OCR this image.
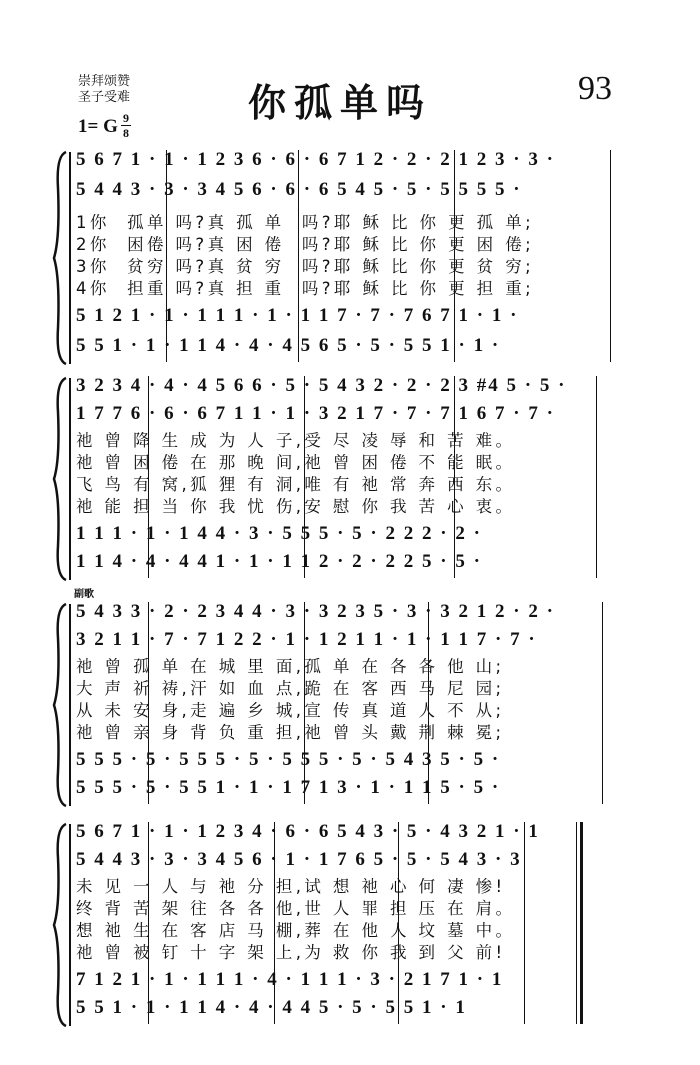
崇拜颂赞
圣子受难
1= G 9
8
你孤单吗	93
副歌
5 6 7 1 · 1 · 1 2 3 6 · 6 · 6 7 1 2 · 2 · 2 1 2 3 · 3 ·
5 4 4 3 · 3 · 3 4 5 6 · 6 · 6 5 4 5 · 5 · 5 5 5 5 ·
1你  孤单 吗?真 孤 单  吗?耶 稣 比 你 更 孤 单;
2你  困倦 吗?真 困 倦  吗?耶 稣 比 你 更 困 倦;
3你  贫穷 吗?真 贫 穷  吗?耶 稣 比 你 更 贫 穷;
4你  担重 吗?真 担 重  吗?耶 稣 比 你 更 担 重;
5 1 2 1 · 1 · 1 1 1 · 1 · 1 1 7 · 7 · 7 6 7 1 · 1 ·
5 5 1 · 1 · 1 1 4 · 4 · 4 5 6 5 · 5 · 5 5 1 · 1 ·
3 2 3 4 · 4 · 4 5 6 6 · 5 · 5 4 3 2 · 2 · 2 3 #4 5 · 5 ·
1 7 7 6 · 6 · 6 7 1 1 · 1 · 3 2 1 7 · 7 · 7 1 6 7 · 7 ·
祂 曾 降 生 成 为 人 子,受 尽 凌 辱 和 苦 难。
祂 曾 困 倦 在 那 晚 间,祂 曾 困 倦 不 能 眠。
飞 鸟 有 窝,狐 狸 有 洞,唯 有 祂 常 奔 西 东。
祂 能 担 当 你 我 忧 伤,安 慰 你 我 苦 心 衷。
1 1 1 · 1 · 1 4 4 · 3 · 5 5 5 · 5 · 2 2 2 · 2 ·
1 1 4 · 4 · 4 4 1 · 1 · 1 1 2 · 2 · 2 2 5 · 5 ·
5 4 3 3 · 2 · 2 3 4 4 · 3 · 3 2 3 5 · 3 · 3 2 1 2 · 2 ·
3 2 1 1 · 7 · 7 1 2 2 · 1 · 1 2 1 1 · 1 · 1 1 7 · 7 ·
祂 曾 孤 单 在 城 里 面,孤 单 在 各 各 他 山;
大 声 祈 祷,汗 如 血 点,跪 在 客 西 马 尼 园;
从 未 安 身,走 遍 乡 城,宣 传 真 道 人 不 从;
祂 曾 亲 身 背 负 重 担,祂 曾 头 戴 荆 棘 冕;
5 5 5 · 5 · 5 5 5 · 5 · 5 5 5 · 5 · 5 4 3 5 · 5 ·
5 5 5 · 5 · 5 5 1 · 1 · 1 7 1 3 · 1 · 1 1 5 · 5 ·
5 6 7 1 · 1 · 1 2 3 4 · 6 · 6 5 4 3 · 5 · 4 3 2 1 · 1
5 4 4 3 · 3 · 3 4 5 6 · 1 · 1 7 6 5 · 5 · 5 4 3 · 3
未 见 一 人 与 祂 分 担,试 想 祂 心 何 凄 惨!
终 背 苦 架 往 各 各 他,世 人 罪 担 压 在 肩。
想 祂 生 在 客 店 马 棚,葬 在 他 人 坟 墓 中。
祂 曾 被 钉 十 字 架 上,为 救 你 我 到 父 前!
7 1 2 1 · 1 · 1 1 1 · 4 · 1 1 1 · 3 · 2 1 7 1 · 1
5 5 1 · 1 · 1 1 4 · 4 · 4 4 5 · 5 · 5 5 1 · 1
